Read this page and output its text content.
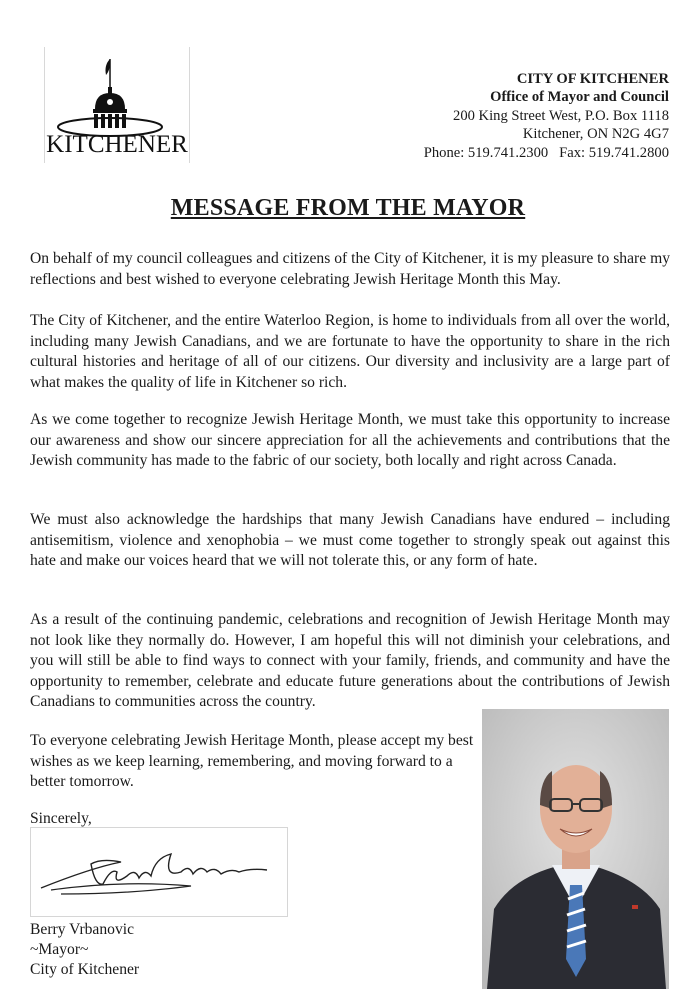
KITCHENER
CITY OF KITCHENER
Office of Mayor and Council
200 King Street West, P.O. Box 1118
Kitchener, ON N2G 4G7
Phone: 519.741.2300   Fax: 519.741.2800
MESSAGE FROM THE MAYOR

On behalf of my council colleagues and citizens of the City of Kitchener, it is my pleasure to share my reflections and best wished to everyone celebrating Jewish Heritage Month this May.

The City of Kitchener, and the entire Waterloo Region, is home to individuals from all over the world, including many Jewish Canadians, and we are fortunate to have the opportunity to share in the rich cultural histories and heritage of all of our citizens. Our diversity and inclusivity are a large part of what makes the quality of life in Kitchener so rich.

As we come together to recognize Jewish Heritage Month, we must take this opportunity to increase our awareness and show our sincere appreciation for all the achievements and contributions that the Jewish community has made to the fabric of our society, both locally and right across Canada.

We must also acknowledge the hardships that many Jewish Canadians have endured – including antisemitism, violence and xenophobia – we must come together to strongly speak out against this hate and make our voices heard that we will not tolerate this, or any form of hate.

As a result of the continuing pandemic, celebrations and recognition of Jewish Heritage Month may not look like they normally do. However, I am hopeful this will not diminish your celebrations, and you will still be able to find ways to connect with your family, friends, and community and have the opportunity to remember, celebrate and educate future generations about the contributions of Jewish Canadians to communities across the country.

To everyone celebrating Jewish Heritage Month, please accept my best wishes as we keep learning, remembering, and moving forward to a better tomorrow.

Sincerely,
Berry Vrbanovic
~Mayor~
City of Kitchener
